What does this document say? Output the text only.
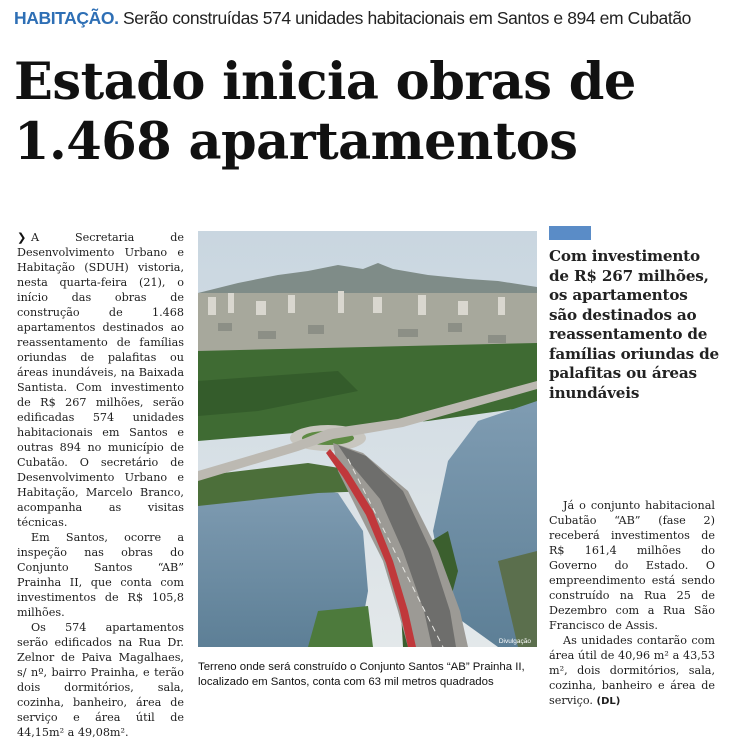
HABITAÇÃO. Serão construídas 574 unidades habitacionais em Santos e 894 em Cubatão
Estado inicia obras de
1.468 apartamentos

❯ A Secretaria de Desenvolvimento Urbano e Habitação (SDUH) vistoria, nesta quarta-feira (21), o início das obras de construção de 1.468 apartamentos destinados ao reassentamento de famílias oriundas de palafitas ou áreas inundáveis, na Baixada Santista. Com investimento de R$ 267 milhões, serão edificadas 574 unidades habitacionais em Santos e outras 894 no município de Cubatão. O secretário de Desenvolvimento Urbano e Habitação, Marcelo Branco, acompanha as visitas técnicas.

Em Santos, ocorre a inspeção nas obras do Conjunto Santos “AB” Prainha II, que conta com investimentos de R$ 105,8 milhões.

Os 574 apartamentos serão edificados na Rua Dr. Zelnor de Paiva Magalhaes, s/ nº, bairro Prainha, e terão dois dormitórios, sala, cozinha, banheiro, área de serviço e área útil de 44,15m² a 49,08m².

Divulgação
Terreno onde será construído o Conjunto Santos “AB” Prainha II, localizado em Santos, conta com 63 mil metros quadrados

Com investimento de R$ 267 milhões, os apartamentos são destinados ao reassentamento de famílias oriundas de palafitas ou áreas inundáveis

Já o conjunto habitacional Cubatão “AB” (fase 2) receberá investimentos de R$ 161,4 milhões do Governo do Estado. O empreendimento está sendo construído na Rua 25 de Dezembro com a Rua São Francisco de Assis.

As unidades contarão com área útil de 40,96 m² a 43,53 m², dois dormitórios, sala, cozinha, banheiro e área de serviço. (DL)
